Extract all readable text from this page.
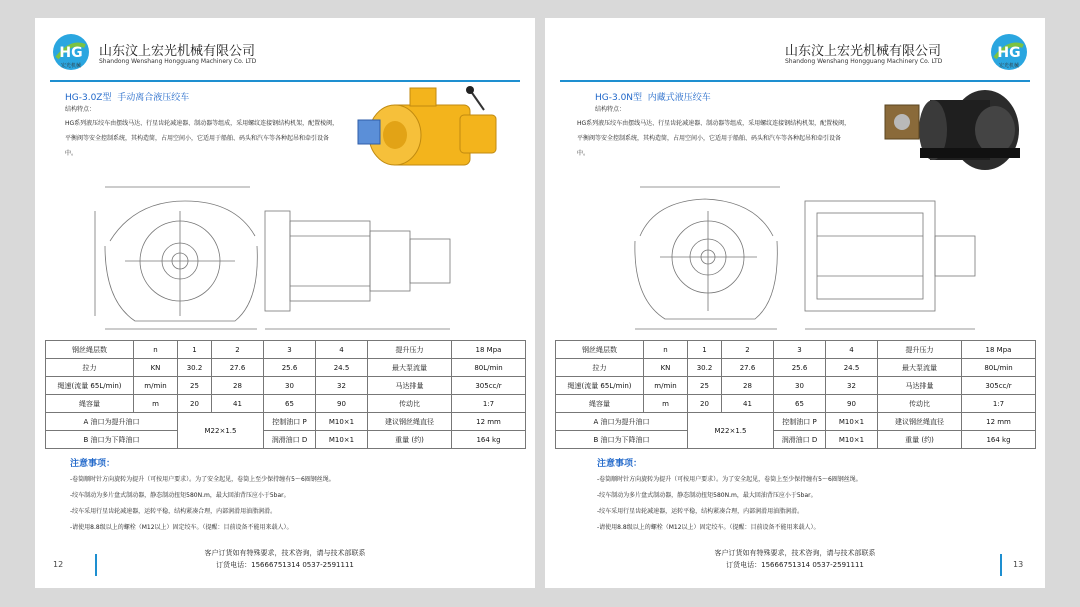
HG
宏光机械
山东汶上宏光机械有限公司
Shandong Wenshang Hongguang Machinery Co. LTD
HG-3.0Z型 手动离合液压绞车
结构特点：
HG系列液压绞车由摆线马达、行星齿轮减速器、制动器等组成，采用螺纹连接钢结构机架，配置棱阀，平衡阀等安全控制系统，其构造简，占用空间小，它适用于船舶、码头和汽车等各种起吊和牵引设备中。
钢丝绳层数	n	1	2	3	4	提升压力	18 Mpa
拉力	KN	30.2	27.6	25.6	24.5	最大泵流量	80L/min
绳速(流量 65L/min)	m/min	25	28	30	32	马达排量	305cc/r
绳容量	m	20	41	65	90	传动比	1:7
A 油口为提升油口		M22×1.5		控制油口 P	M10×1	建议钢丝绳直径	12 mm
B 油口为下降油口				润滑油口 D	M10×1	重量 (约)	164 kg
注意事项：
-卷筒顺时针方向旋转为提升（可按用户要求）。为了安全起见，卷筒上至少保持缠有5～6圈钢丝绳。
-绞车制动为多片盘式制动器，静态制动扭矩580N.m，最大回油背压应小于5bar。
-绞车采用行星齿轮减速器，运转平稳，结构紧凑合理，内部润滑用油脂润滑。
-请使用8.8级以上的螺栓（M12以上）固定绞车。（提醒：目前设备不能用来载人）。
客户订货如有特殊要求，技术咨询，请与技术部联系
订货电话：15666751314 0537-2591111
12
山东汶上宏光机械有限公司
Shandong Wenshang Hongguang Machinery Co. LTD
HG
宏光机械
HG-3.0N型 内藏式液压绞车
结构特点：
HG系列液压绞车由摆线马达、行星齿轮减速器、制动器等组成，采用螺纹连接钢结构机架，配置棱阀，平衡阀等安全控制系统，其构造简，占用空间小，它适用于船舶、码头和汽车等各种起吊和牵引设备中。
钢丝绳层数	n	1	2	3	4	提升压力	18 Mpa
拉力	KN	30.2	27.6	25.6	24.5	最大泵流量	80L/min
绳速(流量 65L/min)	m/min	25	28	30	32	马达排量	305cc/r
绳容量	m	20	41	65	90	传动比	1:7
A 油口为提升油口		M22×1.5		控制油口 P	M10×1	建议钢丝绳直径	12 mm
B 油口为下降油口				润滑油口 D	M10×1	重量 (约)	164 kg
注意事项：
-卷筒顺时针方向旋转为提升（可按用户要求）。为了安全起见，卷筒上至少保持缠有5～6圈钢丝绳。
-绞车制动为多片盘式制动器，静态制动扭矩580N.m，最大回油背压应小于5bar。
-绞车采用行星齿轮减速器，运转平稳，结构紧凑合理，内部润滑用油脂润滑。
-请使用8.8级以上的螺栓（M12以上）固定绞车。（提醒：目前设备不能用来载人）。
客户订货如有特殊要求，技术咨询，请与技术部联系
订货电话：15666751314 0537-2591111	13
